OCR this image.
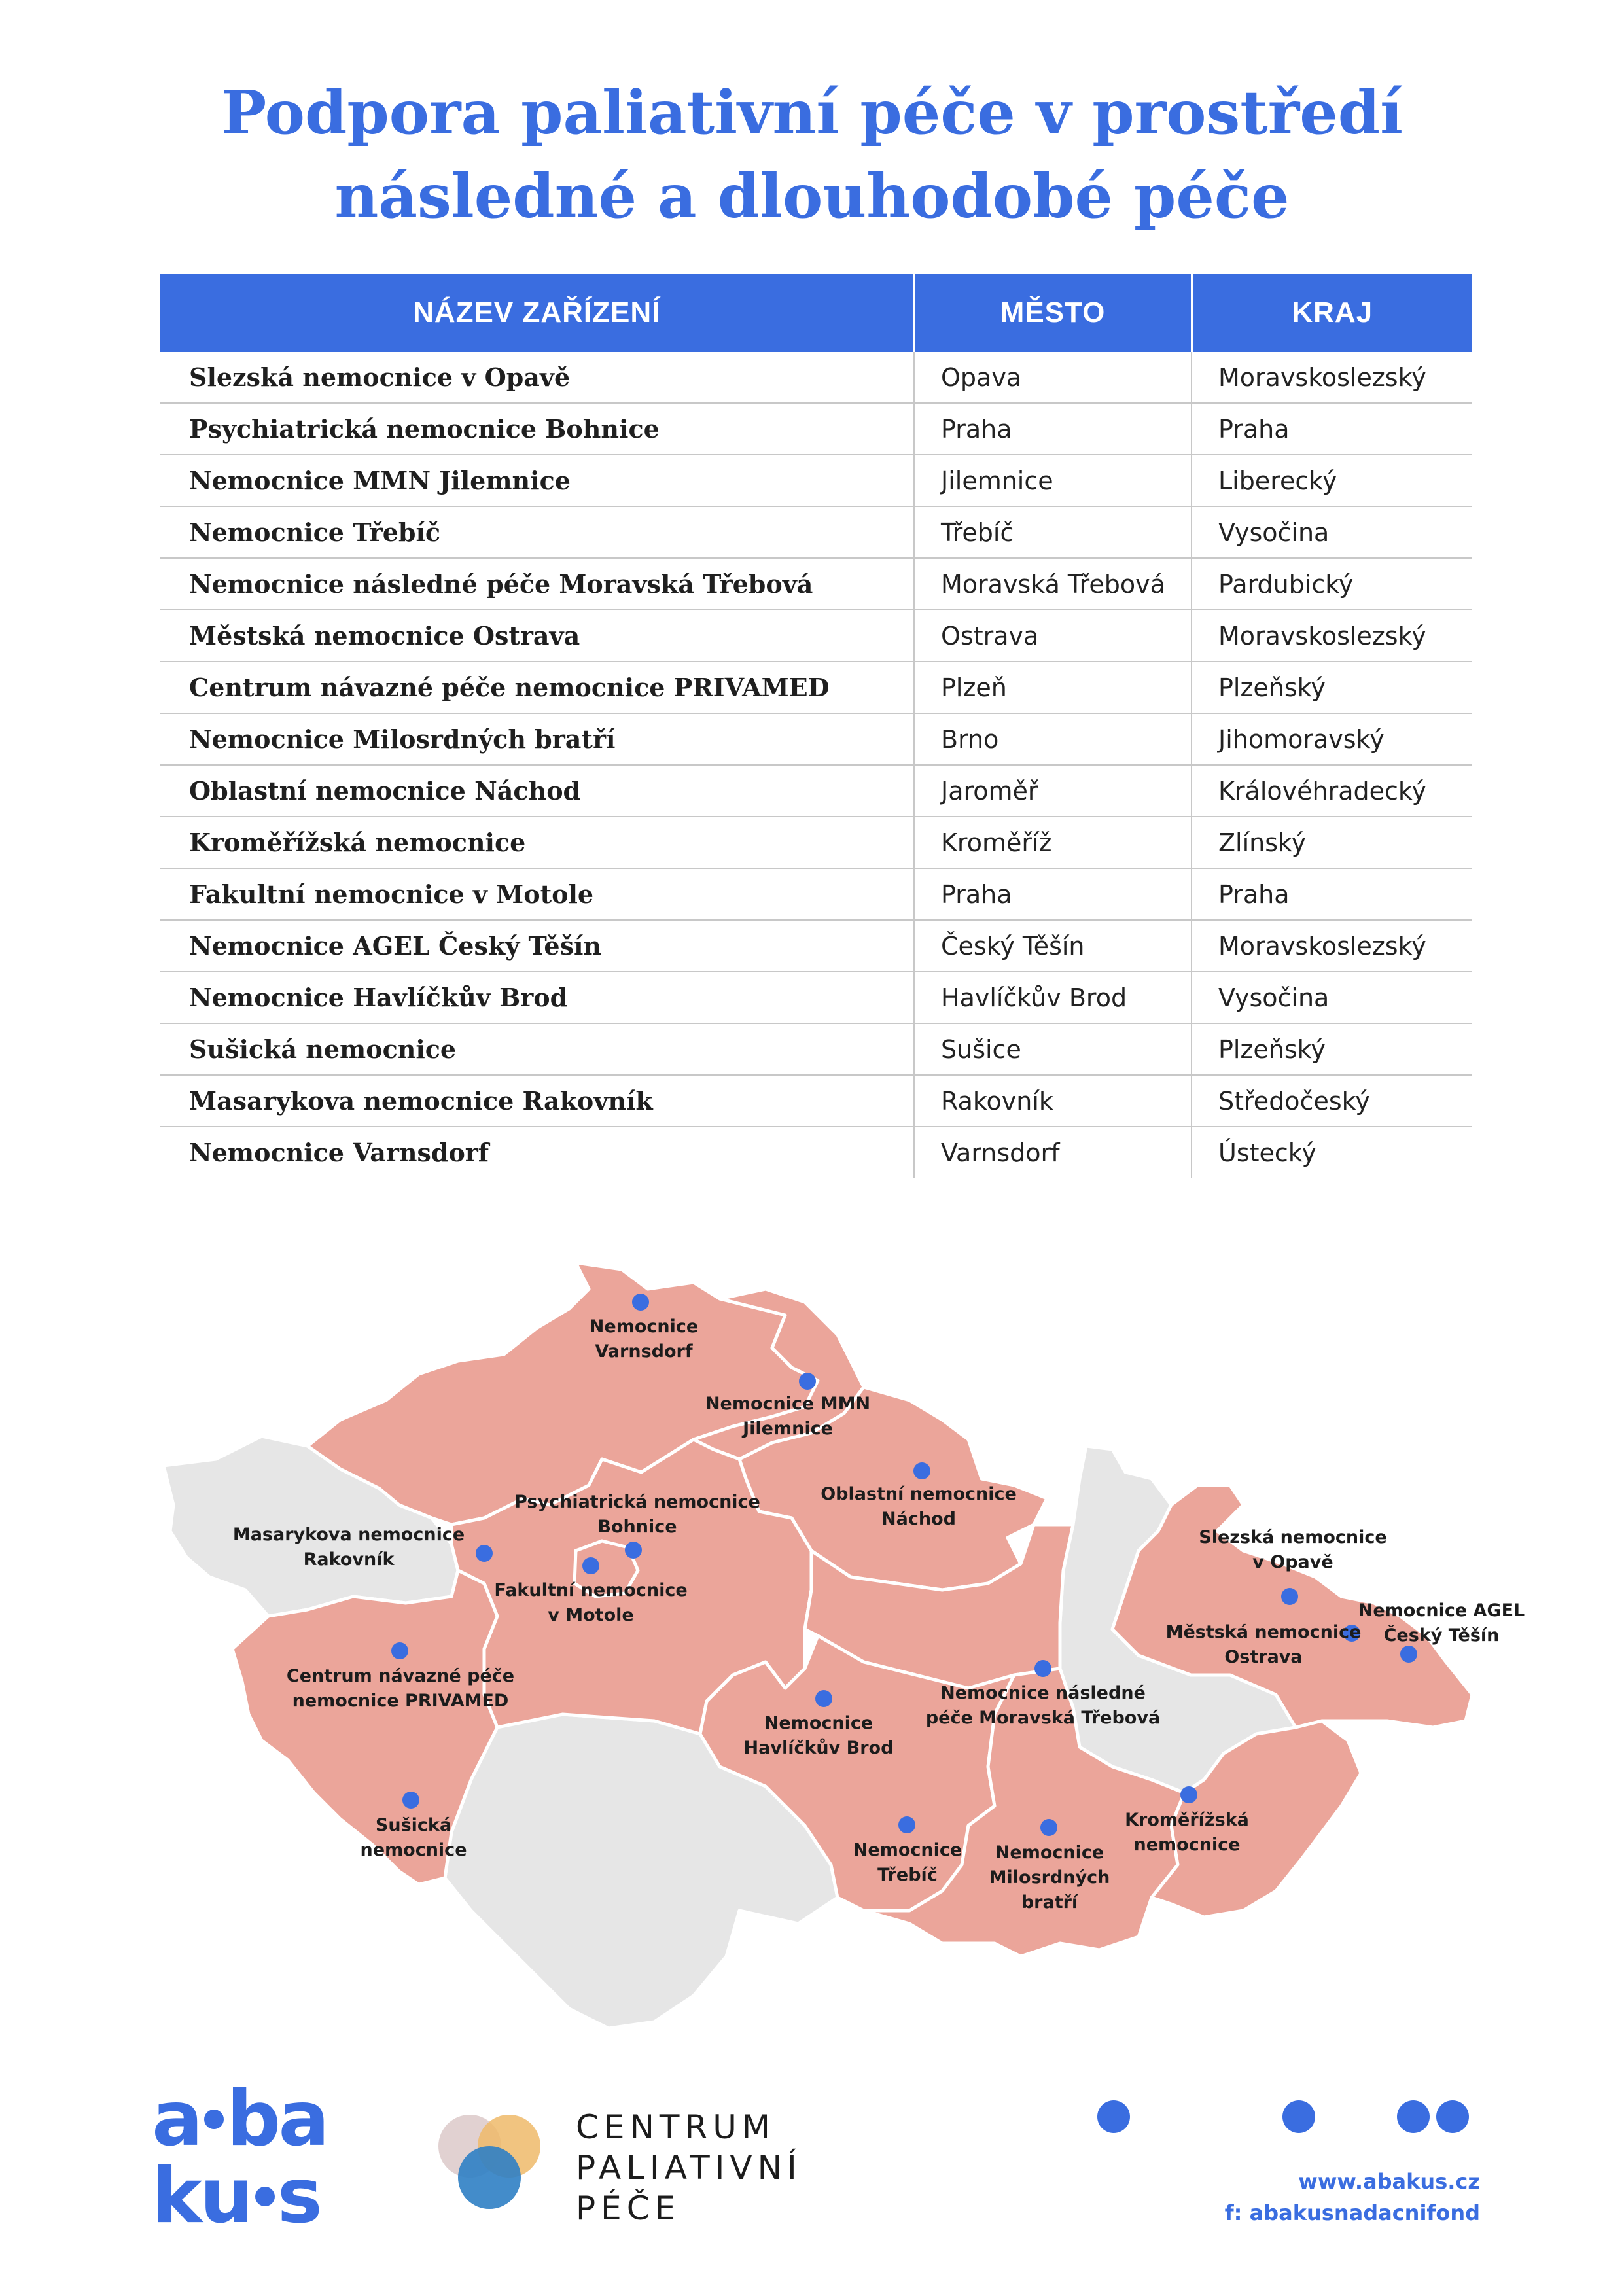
Podpora paliativní péče v prostředí
následné a dlouhodobé péče
NÁZEV ZAŘÍZENÍ	MĚSTO	KRAJ
Slezská nemocnice v Opavě	Opava	Moravskoslezský
Psychiatrická nemocnice Bohnice	Praha	Praha
Nemocnice MMN Jilemnice	Jilemnice	Liberecký
Nemocnice Třebíč	Třebíč	Vysočina
Nemocnice následné péče Moravská Třebová	Moravská Třebová	Pardubický
Městská nemocnice Ostrava	Ostrava	Moravskoslezský
Centrum návazné péče nemocnice PRIVAMED	Plzeň	Plzeňský
Nemocnice Milosrdných bratří	Brno	Jihomoravský
Oblastní nemocnice Náchod	Jaroměř	Královéhradecký
Kroměřížská nemocnice	Kroměříž	Zlínský
Fakultní nemocnice v Motole	Praha	Praha
Nemocnice AGEL Český Těšín	Český Těšín	Moravskoslezský
Nemocnice Havlíčkův Brod	Havlíčkův Brod	Vysočina
Sušická nemocnice	Sušice	Plzeňský
Masarykova nemocnice Rakovník	Rakovník	Středočeský
Nemocnice Varnsdorf	Varnsdorf	Ústecký
Nemocnice Varnsdorf
Nemocnice MMN Jilemnice
Oblastní nemocnice Náchod
Psychiatrická nemocnice Bohnice
Masarykova nemocnice Rakovník
Fakultní nemocnice v Motole
Centrum návazné péče nemocnice PRIVAMED
Sušická nemocnice
Nemocnice Havlíčkův Brod
Nemocnice následné péče Moravská Třebová
Nemocnice Třebíč
Nemocnice Milosrdných bratří
Kroměřížská nemocnice
Slezská nemocnice v Opavě
Městská nemocnice Ostrava
Nemocnice AGEL Český Těšín
a ba
ku s
CENTRUM
PALIATIVNÍ
PÉČE
www.abakus.cz
f: abakusnadacnifond
